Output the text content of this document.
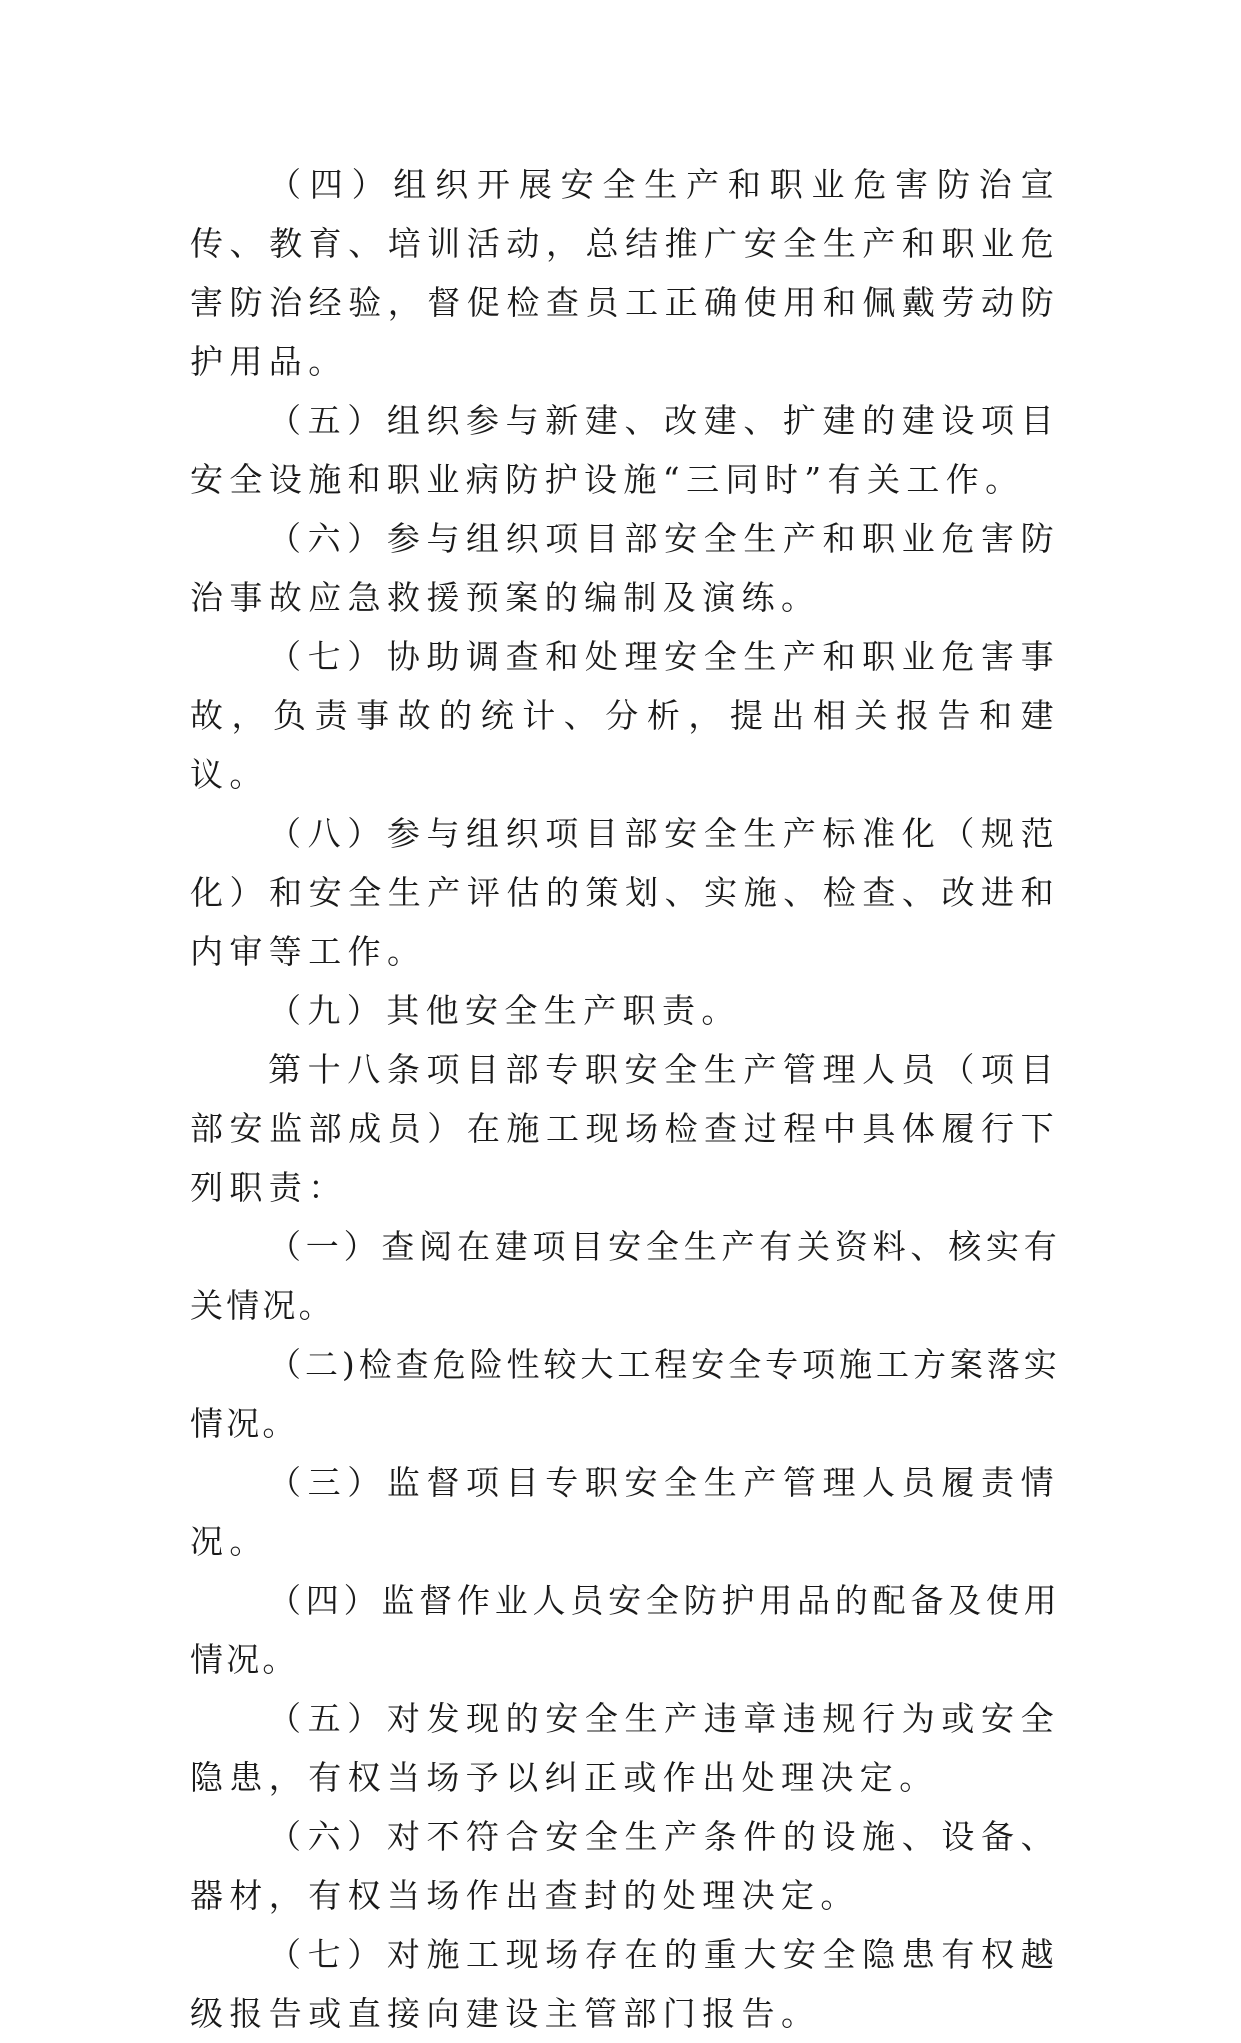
（四）组织开展安全生产和职业危害防治宣传、教育、培训活动，总结推广安全生产和职业危害防治经验，督促检查员工正确使用和佩戴劳动防护用品。

（五）组织参与新建、改建、扩建的建设项目安全设施和职业病防护设施“三同时”有关工作。

（六）参与组织项目部安全生产和职业危害防治事故应急救援预案的编制及演练。

（七）协助调查和处理安全生产和职业危害事故，负责事故的统计、分析，提出相关报告和建议。

（八）参与组织项目部安全生产标准化（规范化）和安全生产评估的策划、实施、检查、改进和内审等工作。

（九）其他安全生产职责。

第十八条项目部专职安全生产管理人员（项目部安监部成员）在施工现场检查过程中具体履行下列职责：

（一）查阅在建项目安全生产有关资料、核实有关情况。

（二)检查危险性较大工程安全专项施工方案落实情况。

（三）监督项目专职安全生产管理人员履责情况。

（四）监督作业人员安全防护用品的配备及使用情况。

（五）对发现的安全生产违章违规行为或安全隐患，有权当场予以纠正或作出处理决定。

（六）对不符合安全生产条件的设施、设备、器材，有权当场作出查封的处理决定。

（七）对施工现场存在的重大安全隐患有权越级报告或直接向建设主管部门报告。
